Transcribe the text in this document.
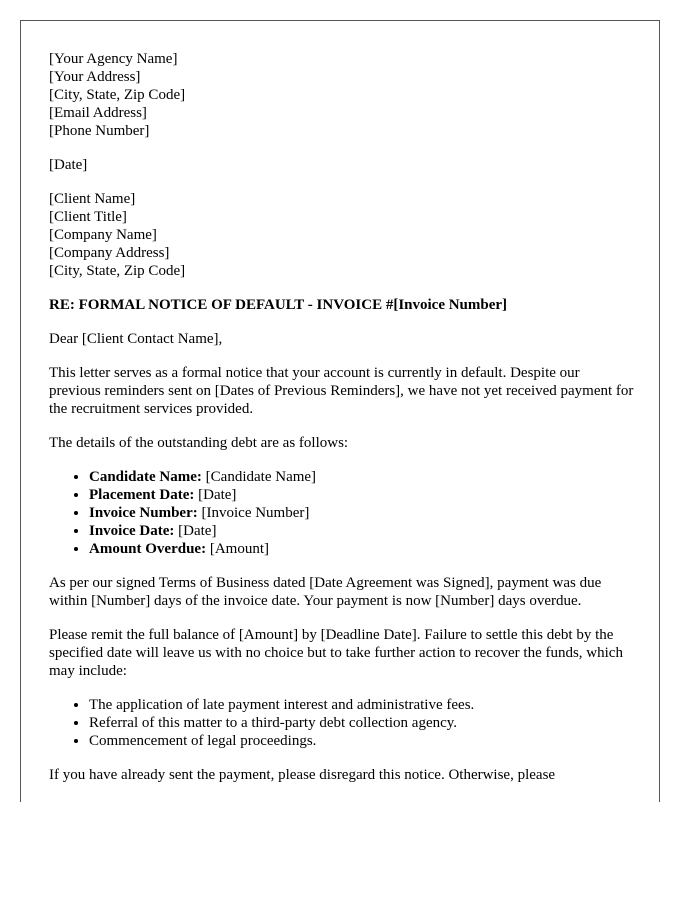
[Your Agency Name]
[Your Address]
[City, State, Zip Code]
[Email Address]
[Phone Number]
[Date]
[Client Name]
[Client Title]
[Company Name]
[Company Address]
[City, State, Zip Code]

RE: FORMAL NOTICE OF DEFAULT - INVOICE #[Invoice Number]

Dear [Client Contact Name],

This letter serves as a formal notice that your account is currently in default. Despite our previous reminders sent on [Dates of Previous Reminders], we have not yet received payment for the recruitment services provided.

The details of the outstanding debt are as follows:

• Candidate Name: [Candidate Name]
• Placement Date: [Date]
• Invoice Number: [Invoice Number]
• Invoice Date: [Date]
• Amount Overdue: [Amount]

As per our signed Terms of Business dated [Date Agreement was Signed], payment was due within [Number] days of the invoice date. Your payment is now [Number] days overdue.

Please remit the full balance of [Amount] by [Deadline Date]. Failure to settle this debt by the specified date will leave us with no choice but to take further action to recover the funds, which may include:

• The application of late payment interest and administrative fees.
• Referral of this matter to a third-party debt collection agency.
• Commencement of legal proceedings.

If you have already sent the payment, please disregard this notice. Otherwise, please
